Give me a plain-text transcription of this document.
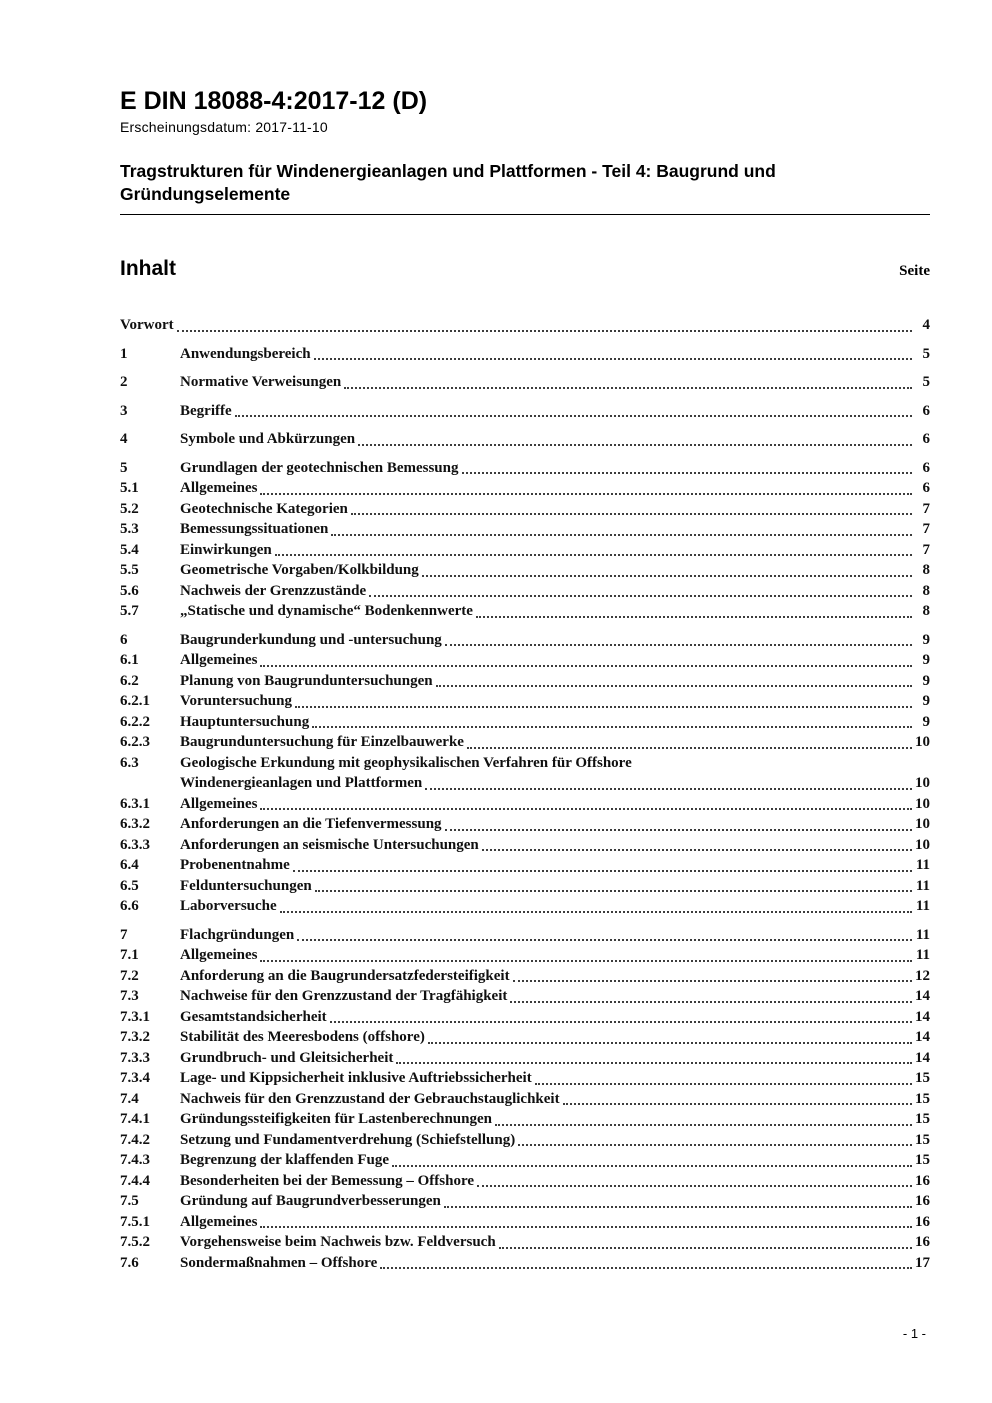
E DIN 18088-4:2017-12 (D)
Erscheinungsdatum: 2017-11-10
Tragstrukturen für Windenergieanlagen und Plattformen - Teil 4: Baugrund und Gründungselemente
Inhalt	Seite
Vorwort	4
1	Anwendungsbereich	5
2	Normative Verweisungen	5
3	Begriffe	6
4	Symbole und Abkürzungen	6
5	Grundlagen der geotechnischen Bemessung	6
5.1	Allgemeines	6
5.2	Geotechnische Kategorien	7
5.3	Bemessungssituationen	7
5.4	Einwirkungen	7
5.5	Geometrische Vorgaben/Kolkbildung	8
5.6	Nachweis der Grenzzustände	8
5.7	„Statische und dynamische“ Bodenkennwerte	8
6	Baugrunderkundung und -untersuchung	9
6.1	Allgemeines	9
6.2	Planung von Baugrunduntersuchungen	9
6.2.1	Voruntersuchung	9
6.2.2	Hauptuntersuchung	9
6.2.3	Baugrunduntersuchung für Einzelbauwerke	10
6.3	Geologische Erkundung mit geophysikalischen Verfahren für Offshore
Windenergieanlagen und Plattformen	10
6.3.1	Allgemeines	10
6.3.2	Anforderungen an die Tiefenvermessung	10
6.3.3	Anforderungen an seismische Untersuchungen	10
6.4	Probenentnahme	11
6.5	Felduntersuchungen	11
6.6	Laborversuche	11
7	Flachgründungen	11
7.1	Allgemeines	11
7.2	Anforderung an die Baugrundersatzfedersteifigkeit	12
7.3	Nachweise für den Grenzzustand der Tragfähigkeit	14
7.3.1	Gesamtstandsicherheit	14
7.3.2	Stabilität des Meeresbodens (offshore)	14
7.3.3	Grundbruch- und Gleitsicherheit	14
7.3.4	Lage- und Kippsicherheit inklusive Auftriebssicherheit	15
7.4	Nachweis für den Grenzzustand der Gebrauchstauglichkeit	15
7.4.1	Gründungssteifigkeiten für Lastenberechnungen	15
7.4.2	Setzung und Fundamentverdrehung (Schiefstellung)	15
7.4.3	Begrenzung der klaffenden Fuge	15
7.4.4	Besonderheiten bei der Bemessung – Offshore	16
7.5	Gründung auf Baugrundverbesserungen	16
7.5.1	Allgemeines	16
7.5.2	Vorgehensweise beim Nachweis bzw. Feldversuch	16
7.6	Sondermaßnahmen – Offshore	17
- 1 -
